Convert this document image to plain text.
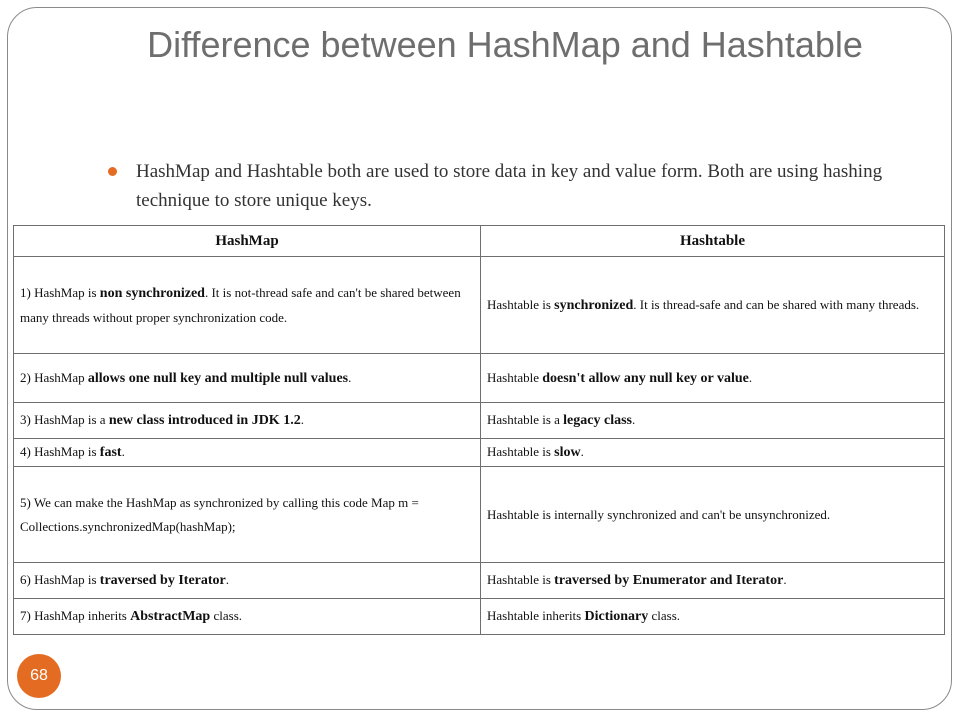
Difference between HashMap and Hashtable
HashMap and Hashtable both are used to store data in key and value form. Both are using hashing technique to store unique keys.
HashMap	Hashtable
1) HashMap is non synchronized. It is not-thread safe and can't be shared between many threads without proper synchronization code.	Hashtable is synchronized. It is thread-safe and can be shared with many threads.
2) HashMap allows one null key and multiple null values.	Hashtable doesn't allow any null key or value.
3) HashMap is a new class introduced in JDK 1.2.	Hashtable is a legacy class.
4) HashMap is fast.	Hashtable is slow.
5) We can make the HashMap as synchronized by calling this code Map m = Collections.synchronizedMap(hashMap);	Hashtable is internally synchronized and can't be unsynchronized.
6) HashMap is traversed by Iterator.	Hashtable is traversed by Enumerator and Iterator.
7) HashMap inherits AbstractMap class.	Hashtable inherits Dictionary class.
68
